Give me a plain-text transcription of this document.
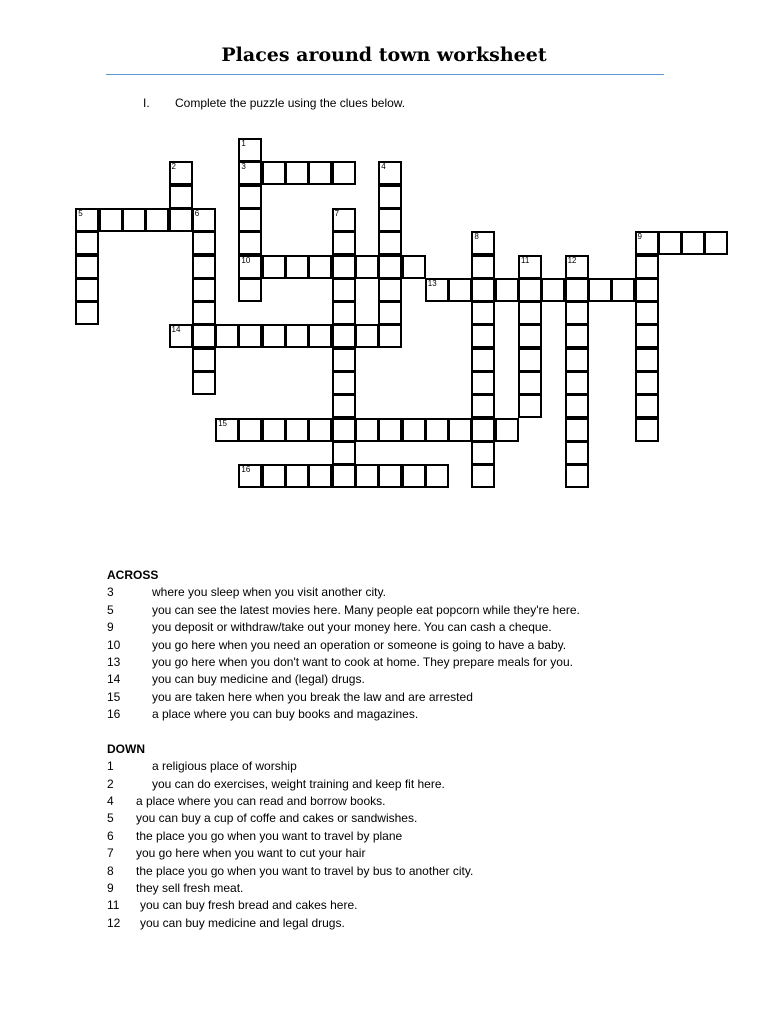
Places around town worksheet
I. Complete the puzzle using the clues below.
1
3
10
2	4
5	6	7
8	9
11	12
13
14
15
16
ACROSS
3	where you sleep when you visit another city.
5	you can see the latest movies here. Many people eat popcorn while they're here.
9	you deposit or withdraw/take out your money here. You can cash a cheque.
10	you go here when you need an operation or someone is going to have a baby.
13	you go here when you don't want to cook at home. They prepare meals for you.
14	you can buy medicine and (legal) drugs.
15	you are taken here when you break the law and are arrested
16	a place where you can buy books and magazines.
DOWN
1	a religious place of worship
2	you can do exercises, weight training and keep fit here.
4 a place where you can read and borrow books.
5 you can buy a cup of coffe and cakes or sandwishes.
6 the place you go when you want to travel by plane
7 you go here when you want to cut your hair
8 the place you go when you want to travel by bus to another city.
9 they sell fresh meat.
11 you can buy fresh bread and cakes here.
12 you can buy medicine and legal drugs.
